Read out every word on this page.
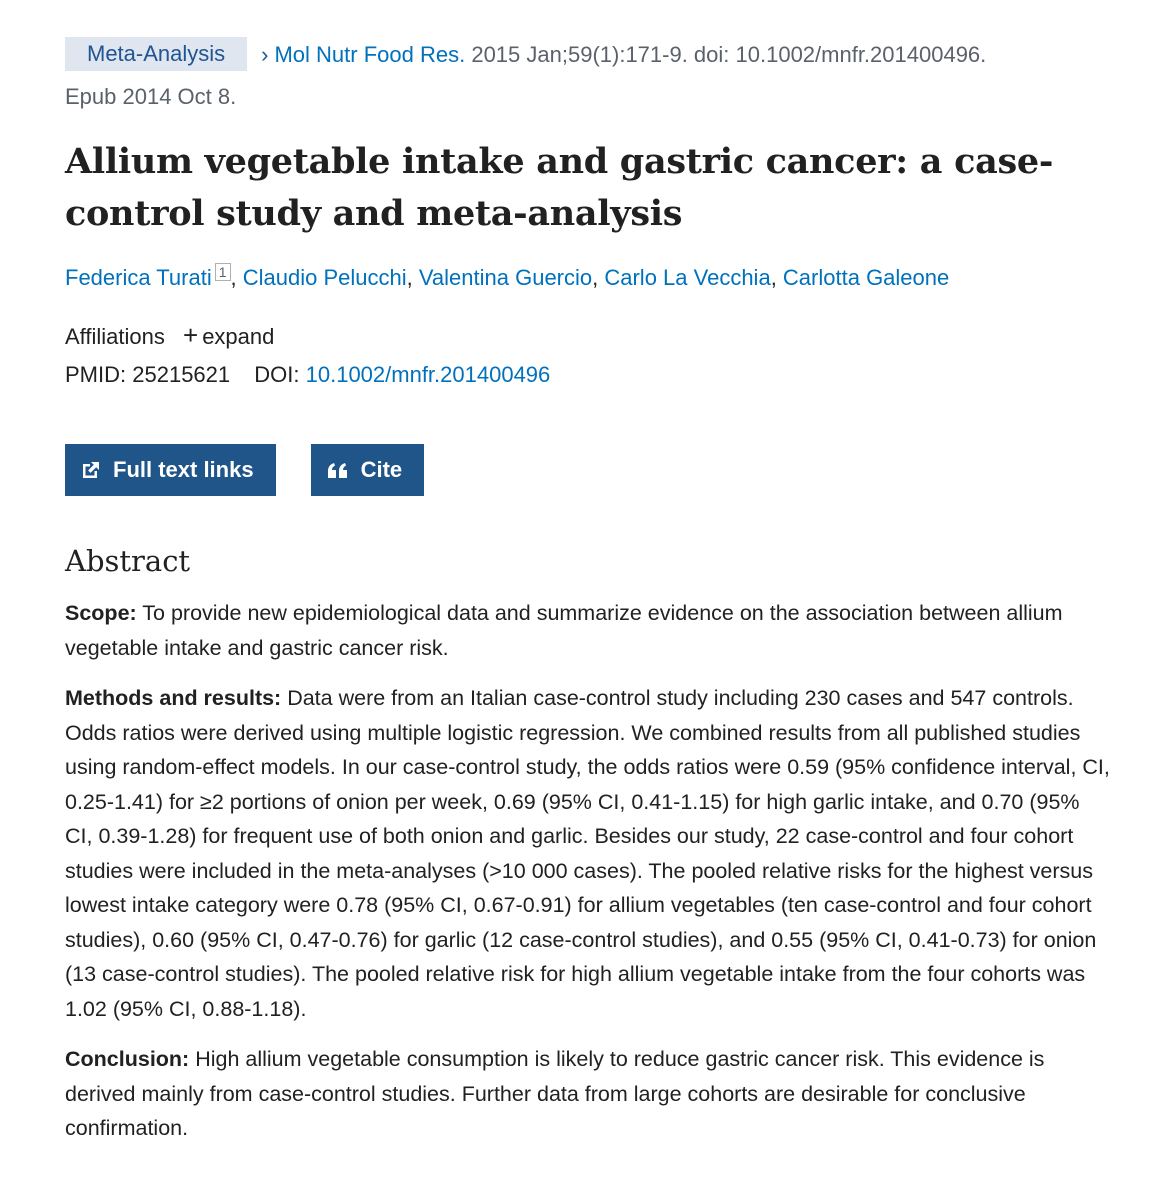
Meta-Analysis › Mol Nutr Food Res. 2015 Jan;59(1):171-9. doi: 10.1002/mnfr.201400496.
Epub 2014 Oct 8.
Allium vegetable intake and gastric cancer: a case-control study and meta-analysis
Federica Turati $^1$ , Claudio Pelucchi, Valentina Guercio, Carlo La Vecchia, Carlotta Galeone
Affiliations + expand
PMID: 25215621 DOI: 10.1002/mnfr.201400496
Full text links	Cite
Abstract

Scope: To provide new epidemiological data and summarize evidence on the association between allium vegetable intake and gastric cancer risk.

Methods and results: Data were from an Italian case-control study including 230 cases and 547 controls. Odds ratios were derived using multiple logistic regression. We combined results from all published studies using random-effect models. In our case-control study, the odds ratios were 0.59 (95% confidence interval, CI, 0.25-1.41) for ≥2 portions of onion per week, 0.69 (95% CI, 0.41-1.15) for high garlic intake, and 0.70 (95% CI, 0.39-1.28) for frequent use of both onion and garlic. Besides our study, 22 case-control and four cohort studies were included in the meta-analyses (>10 000 cases). The pooled relative risks for the highest versus lowest intake category were 0.78 (95% CI, 0.67-0.91) for allium vegetables (ten case-control and four cohort studies), 0.60 (95% CI, 0.47-0.76) for garlic (12 case-control studies), and 0.55 (95% CI, 0.41-0.73) for onion (13 case-control studies). The pooled relative risk for high allium vegetable intake from the four cohorts was 1.02 (95% CI, 0.88-1.18).

Conclusion: High allium vegetable consumption is likely to reduce gastric cancer risk. This evidence is derived mainly from case-control studies. Further data from large cohorts are desirable for conclusive confirmation.
